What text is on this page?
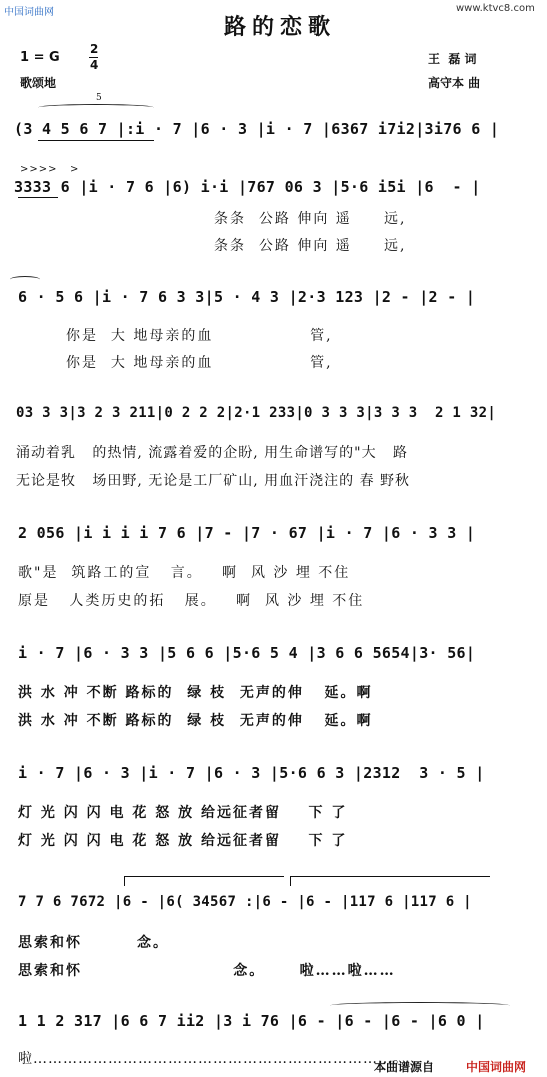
中国词曲网	www.ktvc8.com
路的恋歌
1 = G
2
4
歌颂地
王  磊 词
高守本 曲
5
(3 4 5 6 7 |:i · 7 |6 · 3 |i · 7 |6367 i7i2|3i76 6 |
>>>>   >
3333 6 |i · 7 6 |6) i·i |767 06 3 |5·6 i5i |6  - |
条条  公路 伸向 遥     远,
条条  公路 伸向 遥     远,
6 · 5 6 |i · 7 6 3 3|5 · 4 3 |2·3 123 |2 - |2 - |
你是  大 地母亲的血               管,
你是  大 地母亲的血               管,
03 3 3|3 2 3 211|0 2 2 2|2·1 233|0 3 3 3|3 3 3  2 1 32|
涌动着乳   的热情, 流露着爱的企盼, 用生命谱写的"大   路
无论是牧   场田野, 无论是工厂矿山, 用血汗浇注的 春 野秋
2 056 |i i i i 7 6 |7 - |7 · 67 |i · 7 |6 · 3 3 |
歌"是  筑路工的宣   言。   啊  风 沙 埋 不住
原是   人类历史的拓   展。   啊  风 沙 埋 不住
i · 7 |6 · 3 3 |5 6 6 |5·6 5 4 |3 6 6 5654|3· 56|
洪 水 冲 不断 路标的  绿 枝  无声的伸   延。啊
洪 水 冲 不断 路标的  绿 枝  无声的伸   延。啊
i · 7 |6 · 3 |i · 7 |6 · 3 |5·6 6 3 |2312  3 · 5 |
灯 光 闪 闪 电 花 怒 放 给远征者留    下 了
灯 光 闪 闪 电 花 怒 放 给远征者留    下 了
7 7 6 7672 |6 - |6( 34567 :|6 - |6 - |117 6 |117 6 |
思索和怀        念。
思索和怀                      念。     啦……啦……
1 1 2 317 |6 6 7 ii2 |3 i 76 |6 - |6 - |6 - |6 0 |
啦………………………………………………………………。
本曲谱源自	中国词曲网
